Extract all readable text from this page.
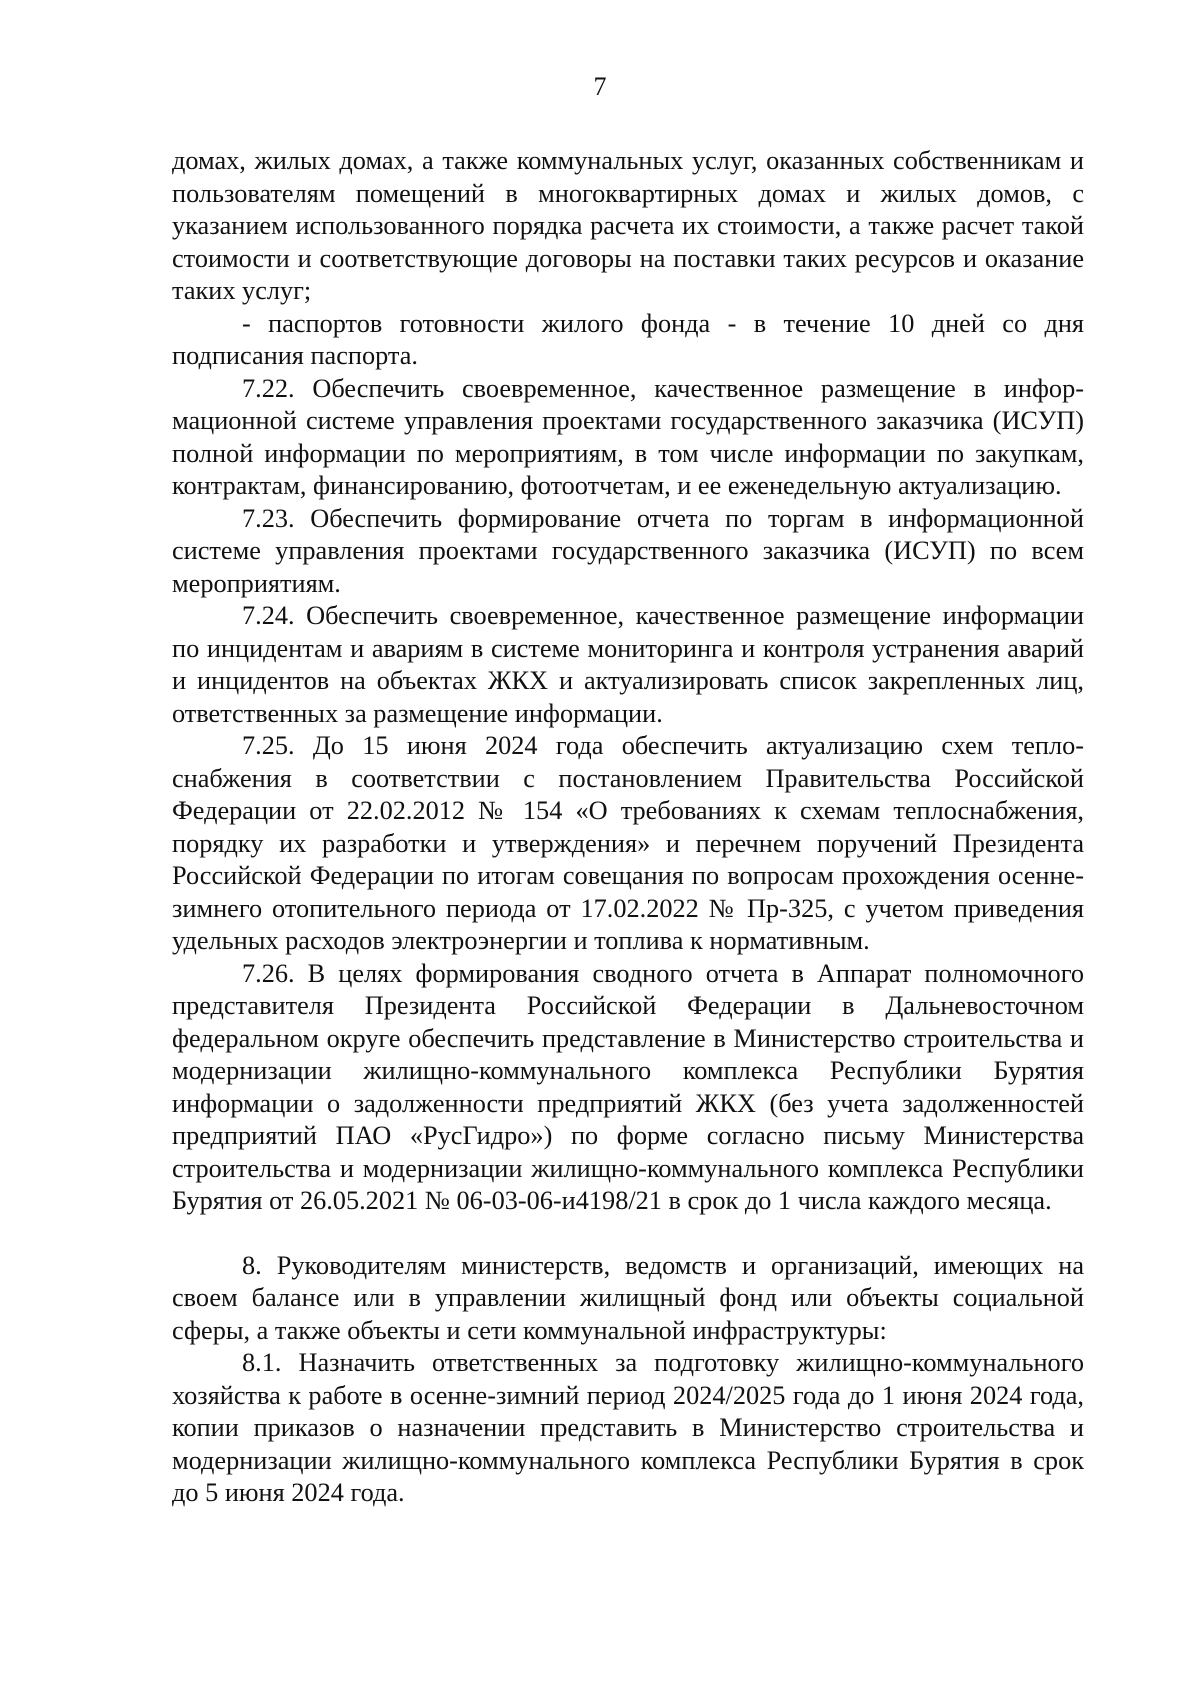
7

домах, жилых домах, а также коммунальных услуг, оказанных собственникам и пользователям помещений в многоквартирных домах и жилых домов, с указанием использованного порядка расчета их стоимости, а также расчет такой стоимости и соответствующие договоры на поставки таких ресурсов и оказание таких услуг;

- паспортов готовности жилого фонда - в течение 10 дней со дня подписания паспорта.

7.22. Обеспечить своевременное, качественное размещение в информационной системе управления проектами государственного заказчика (ИСУП) полной информации по мероприятиям, в том числе информации по закупкам, контрактам, финансированию, фотоотчетам, и ее еженедельную актуализацию.

7.23. Обеспечить формирование отчета по торгам в информационной системе управления проектами государственного заказчика (ИСУП) по всем мероприятиям.

7.24. Обеспечить своевременное, качественное размещение информации по инцидентам и авариям в системе мониторинга и контроля устранения аварий и инцидентов на объектах ЖКХ и актуализировать список закрепленных лиц, ответственных за размещение информации.

7.25. До 15 июня 2024 года обеспечить актуализацию схем теплоснабжения в соответствии с постановлением Правительства Российской Федерации от 22.02.2012 № 154 «О требованиях к схемам теплоснабжения, порядку их разработки и утверждения» и перечнем поручений Президента Российской Федерации по итогам совещания по вопросам прохождения осенне-зимнего отопительного периода от 17.02.2022 № Пр-325, с учетом приведения удельных расходов электроэнергии и топлива к нормативным.

7.26. В целях формирования сводного отчета в Аппарат полномочного представителя Президента Российской Федерации в Дальневосточном федеральном округе обеспечить представление в Министерство строительства и модернизации жилищно-коммунального комплекса Республики Бурятия информации о задолженности предприятий ЖКХ (без учета задолженностей предприятий ПАО «РусГидро») по форме согласно письму Министерства строительства и модернизации жилищно-коммунального комплекса Республики Бурятия от 26.05.2021 № 06-03-06-и4198/21 в срок до 1 числа каждого месяца.

8. Руководителям министерств, ведомств и организаций, имеющих на своем балансе или в управлении жилищный фонд или объекты социальной сферы, а также объекты и сети коммунальной инфраструктуры:

8.1. Назначить ответственных за подготовку жилищно-коммунального хозяйства к работе в осенне-зимний период 2024/2025 года до 1 июня 2024 года, копии приказов о назначении представить в Министерство строительства и модернизации жилищно-коммунального комплекса Республики Бурятия в срок до 5 июня 2024 года.
